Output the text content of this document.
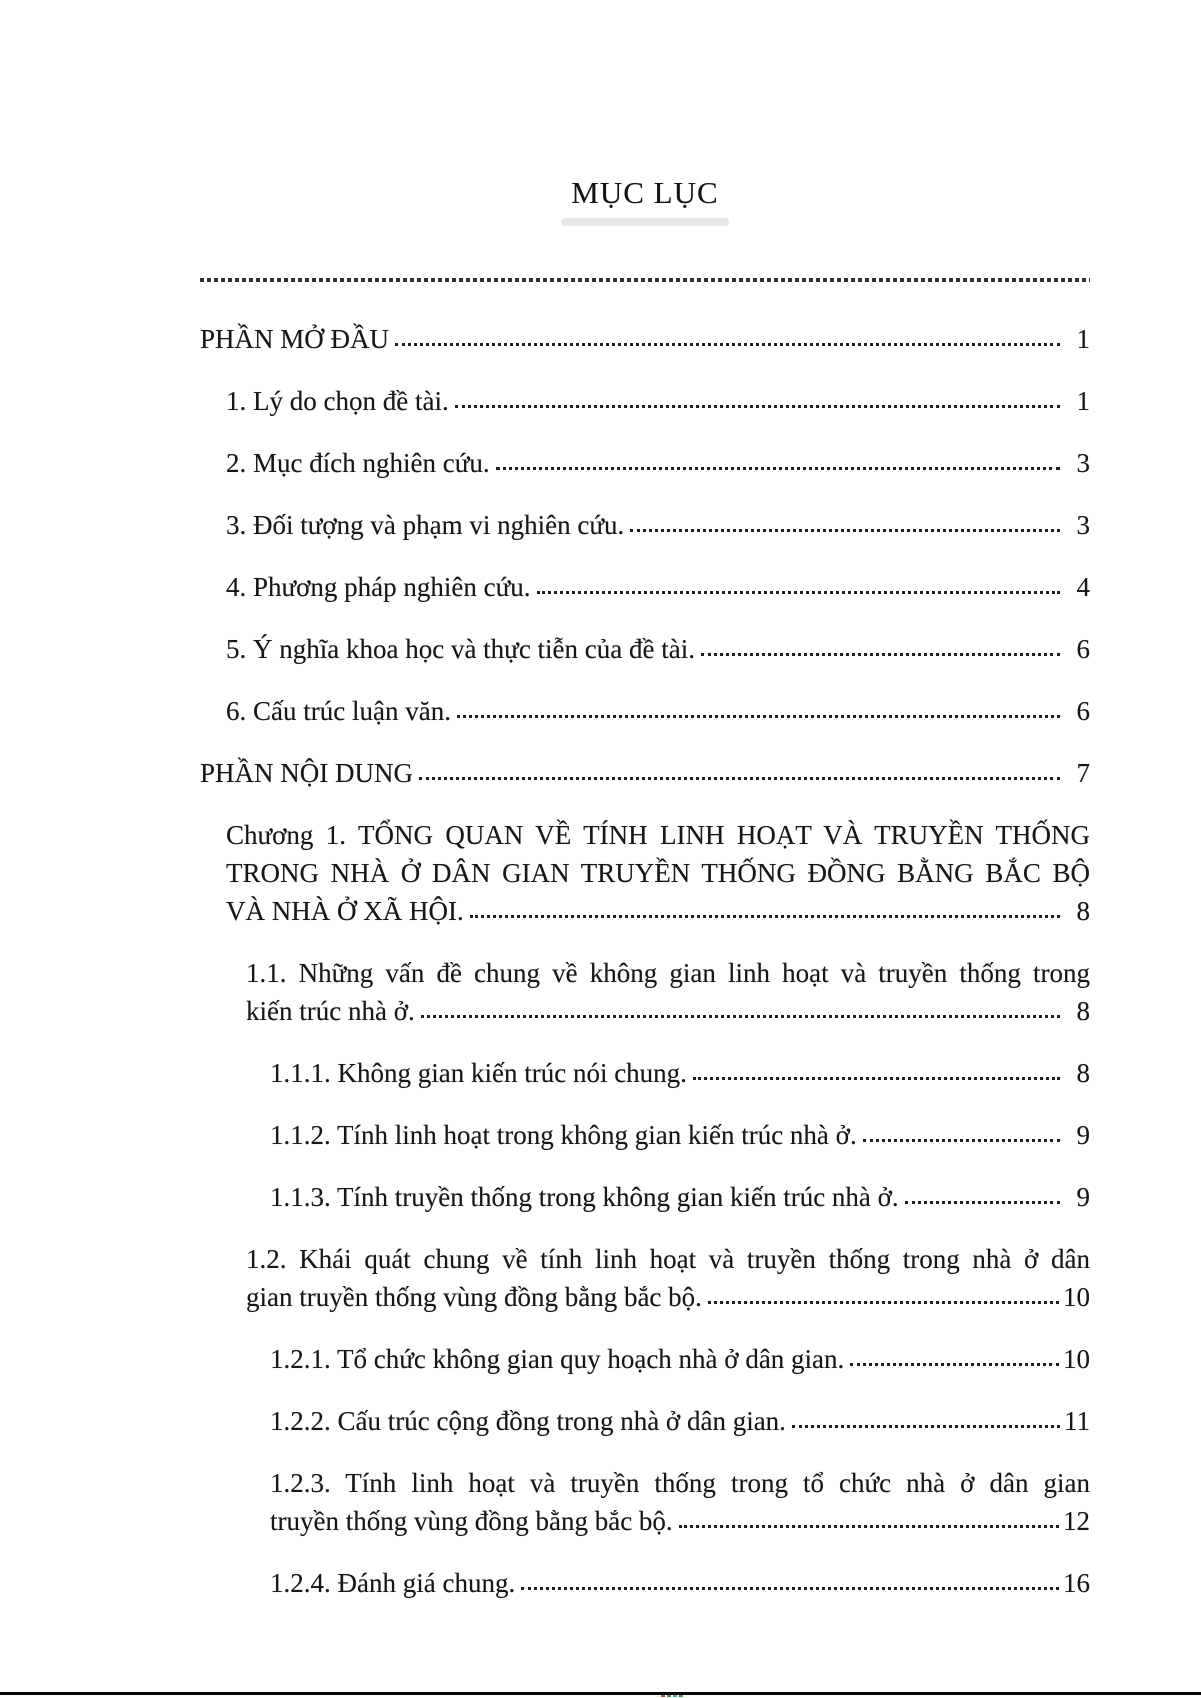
MỤC LỤC
PHẦN MỞ ĐẦU	1
1. Lý do chọn đề tài.	1
2. Mục đích nghiên cứu.	3
3. Đối tượng và phạm vi nghiên cứu.	3
4. Phương pháp nghiên cứu.	4
5. Ý nghĩa khoa học và thực tiễn của đề tài.	6
6. Cấu trúc luận văn.	6
PHẦN NỘI DUNG	7
Chương 1. TỔNG QUAN VỀ TÍNH LINH HOẠT VÀ TRUYỀN THỐNG
TRONG NHÀ Ở DÂN GIAN TRUYỀN THỐNG ĐỒNG BẰNG BẮC BỘ
VÀ NHÀ Ở XÃ HỘI.	8
1.1. Những vấn đề chung về không gian linh hoạt và truyền thống trong
kiến trúc nhà ở.	8
1.1.1. Không gian kiến trúc nói chung.	8
1.1.2. Tính linh hoạt trong không gian kiến trúc nhà ở.	9
1.1.3. Tính truyền thống trong không gian kiến trúc nhà ở.	9
1.2. Khái quát chung về tính linh hoạt và truyền thống trong nhà ở dân
gian truyền thống vùng đồng bằng bắc bộ.	10
1.2.1. Tổ chức không gian quy hoạch nhà ở dân gian.	10
1.2.2. Cấu trúc cộng đồng trong nhà ở dân gian.	11
1.2.3. Tính linh hoạt và truyền thống trong tổ chức nhà ở dân gian
truyền thống vùng đồng bằng bắc bộ.	12
1.2.4. Đánh giá chung.	16
